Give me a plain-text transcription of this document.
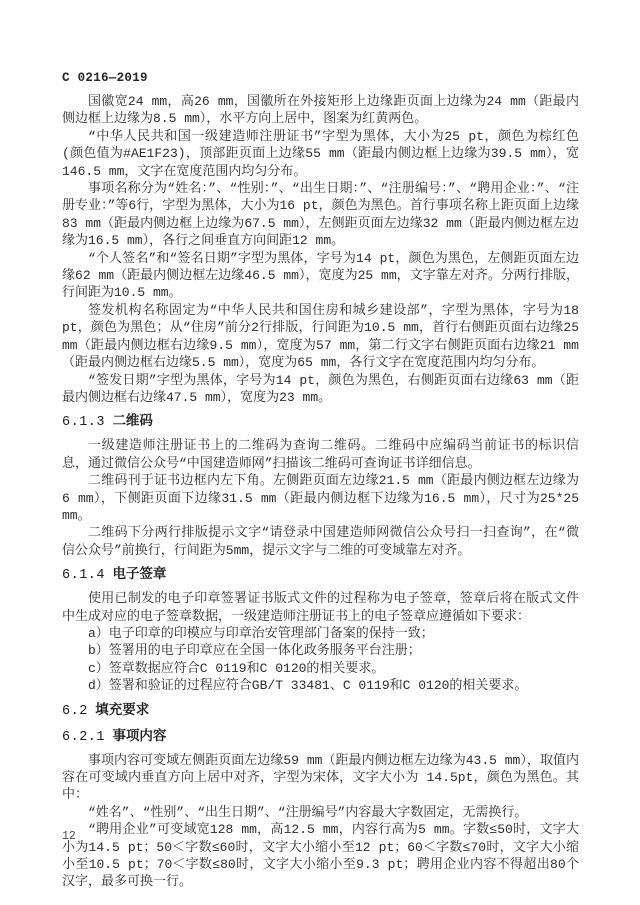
C 0216—2019

国徽宽24 mm，高26 mm，国徽所在外接矩形上边缘距页面上边缘为24 mm（距最内侧边框上边缘为8.5 mm），水平方向上居中，图案为红黄两色。

“中华人民共和国一级建造师注册证书”字型为黑体，大小为25 pt，颜色为棕红色(颜色值为#AE1F23)，顶部距页面上边缘55 mm（距最内侧边框上边缘为39.5 mm），宽146.5 mm，文字在宽度范围内均匀分布。

事项名称分为“姓名：”、“性别：”、“出生日期：”、“注册编号：”、“聘用企业：”、“注册专业：”等6行，字型为黑体，大小为16 pt，颜色为黑色。首行事项名称上距页面上边缘83 mm（距最内侧边框上边缘为67.5 mm），左侧距页面左边缘32 mm（距最内侧边框左边缘为16.5 mm），各行之间垂直方向间距12 mm。

“个人签名”和“签名日期”字型为黑体，字号为14 pt，颜色为黑色，左侧距页面左边缘62 mm（距最内侧边框左边缘46.5 mm），宽度为25 mm，文字靠左对齐。分两行排版，行间距为10.5 mm。

签发机构名称固定为“中华人民共和国住房和城乡建设部”，字型为黑体，字号为18 pt，颜色为黑色；从“住房”前分2行排版，行间距为10.5 mm，首行右侧距页面右边缘25 mm（距最内侧边框右边缘9.5 mm），宽度为57 mm，第二行文字右侧距页面右边缘21 mm（距最内侧边框右边缘5.5 mm），宽度为65 mm，各行文字在宽度范围内均匀分布。

“签发日期”字型为黑体，字号为14 pt，颜色为黑色，右侧距页面右边缘63 mm（距最内侧边框右边缘47.5 mm），宽度为23 mm。

6.1.3 二维码

一级建造师注册证书上的二维码为查询二维码。二维码中应编码当前证书的标识信息，通过微信公众号“中国建造师网”扫描该二维码可查询证书详细信息。

二维码刊于证书边框内左下角。左侧距页面左边缘21.5 mm（距最内侧边框左边缘为6 mm），下侧距页面下边缘31.5 mm（距最内侧边框下边缘为16.5 mm），尺寸为25*25 mm。

二维码下分两行排版提示文字“请登录中国建造师网微信公众号扫一扫查询”，在“微信公众号”前换行，行间距为5mm，提示文字与二维的可变域靠左对齐。

6.1.4 电子签章

使用已制发的电子印章签署证书版式文件的过程称为电子签章，签章后将在版式文件中生成对应的电子签章数据，一级建造师注册证书上的电子签章应遵循如下要求：

a）电子印章的印模应与印章治安管理部门备案的保持一致；

b）签署用的电子印章应在全国一体化政务服务平台注册；

c）签章数据应符合C 0119和C 0120的相关要求。

d）签署和验证的过程应符合GB/T 33481、C 0119和C 0120的相关要求。

6.2 填充要求
6.2.1 事项内容

事项内容可变域左侧距页面左边缘59 mm（距最内侧边框左边缘为43.5 mm），取值内容在可变域内垂直方向上居中对齐，字型为宋体，文字大小为 14.5pt，颜色为黑色。其中：

“姓名”、“性别”、“出生日期”、“注册编号”内容最大字数固定，无需换行。

“聘用企业”可变域宽128 mm，高12.5 mm，内容行高为5 mm。字数≤50时，文字大小为14.5 pt；50＜字数≤60时，文字大小缩小至12 pt；60＜字数≤70时，文字大小缩小至10.5 pt；70＜字数≤80时，文字大小缩小至9.3 pt；聘用企业内容不得超出80个汉字，最多可换一行。

12
